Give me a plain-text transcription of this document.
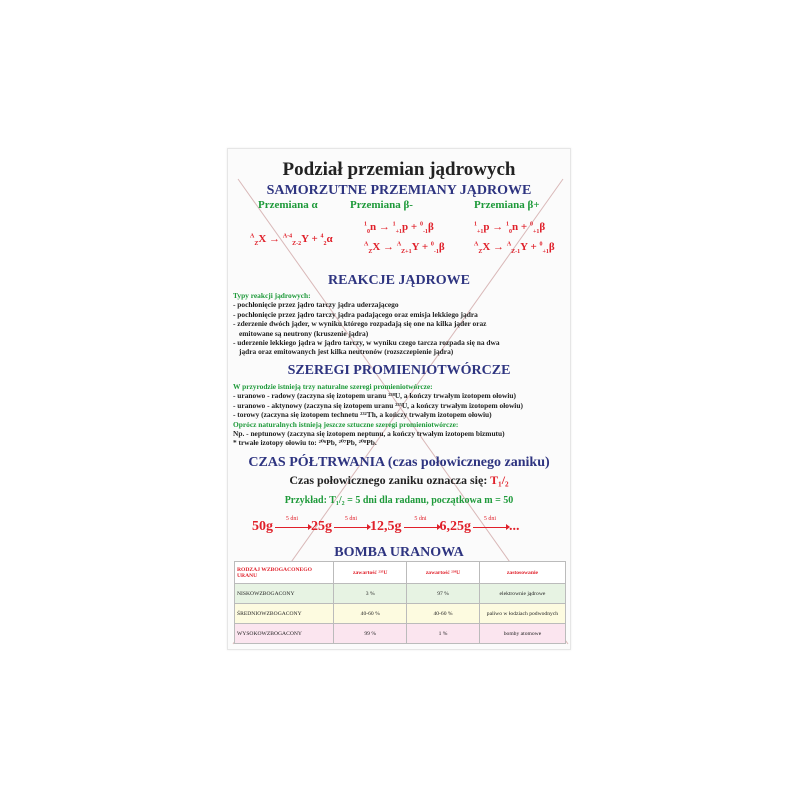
Podział przemian jądrowych
SAMORZUTNE PRZEMIANY JĄDROWE
Przemiana α	Przemiana β-	Przemiana β+
$^A_Z$X → $^{A-4}_{Z-2}$Y + $^4_2$α
$^1_0$n → $^1_{+1}$p + $^0_{-1}$β
$^A_Z$X → $^A_{Z+1}$Y + $^0_{-1}$β
$^1_{+1}$p → $^1_0$n + $^0_{+1}$β
$^A_Z$X → $^A_{Z-1}$Y + $^0_{+1}$β
REAKCJE JĄDROWE
Typy reakcji jądrowych:
- pochłonięcie przez jądro tarczy jądra uderzającego
- pochłonięcie przez jądro tarczy jądra padającego oraz emisja lekkiego jądra
- zderzenie dwóch jąder, w wyniku którego rozpadają się one na kilka jąder oraz
emitowane są neutrony (kruszenie jądra)
- uderzenie lekkiego jądra w jądro tarczy, w wyniku czego tarcza rozpada się na dwa
jądra oraz emitowanych jest kilka neutronów (rozszczepienie jądra)
SZEREGI PROMIENIOTWÓRCZE
W przyrodzie istnieją trzy naturalne szeregi promieniotwórcze:
- uranowo - radowy (zaczyna się izotopem uranu ²³⁸U, a kończy trwałym izotopem ołowiu)
- uranowo - aktynowy (zaczyna się izotopem uranu ²³⁵U, a kończy trwałym izotopem ołowiu)
- torowy (zaczyna się izotopem technetu ²³²Th, a kończy trwałym izotopem ołowiu)
Oprócz naturalnych istnieją jeszcze sztuczne szeregi promieniotwórcze:
Np. - neptunowy (zaczyna się izotopem neptunu, a kończy trwałym izotopem bizmutu)
* trwałe izotopy ołowiu to: ²⁰⁶Pb, ²⁰⁷Pb, ²⁰⁸Pb.
CZAS PÓŁTRWANIA (czas połowicznego zaniku)
Czas połowicznego zaniku oznacza się: T₁/₂
Przykład: T₁/₂ = 5 dni dla radanu, początkowa m = 50
50g	5 dni 25g	5 dni 12,5g	5 dni 6,25g	5 dni ...
BOMBA URANOWA
RODZAJ WZBOGACONEGO URANU	zawartość ²³⁵U	zawartość ²³⁸U	zastosowanie
NISKOWZBOGACONY	3 %	97 %	elektrownie jądrowe
ŚREDNIOWZBOGACONY	40-60 %	40-60 %	paliwo w łodziach podwodnych
WYSOKOWZBOGACONY	99 %	1 %	bomby atomowe
